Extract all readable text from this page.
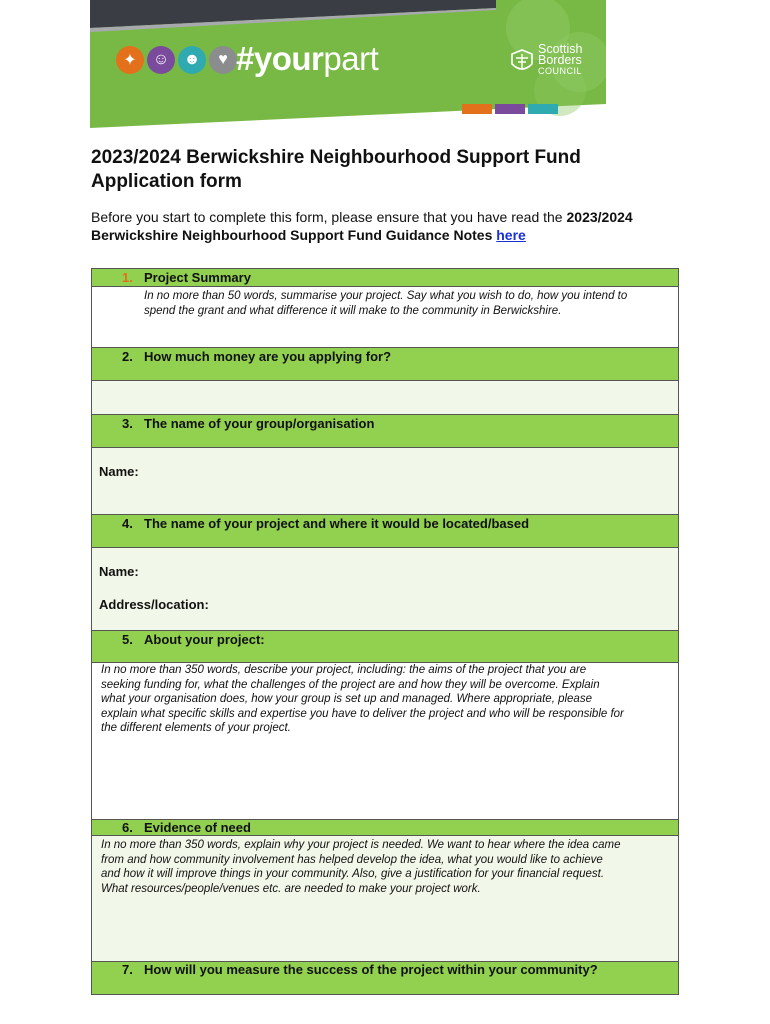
✦	☺ ☻	♥ #yourpart	Scottish
Borders
COUNCIL
2023/2024 Berwickshire Neighbourhood Support Fund
Application form
Before you start to complete this form, please ensure that you have read the 2023/2024 Berwickshire Neighbourhood Support Fund Guidance Notes here
1. Project Summary
In no more than 50 words, summarise your project. Say what you wish to do, how you intend to
spend the grant and what difference it will make to the community in Berwickshire.
2. How much money are you applying for?
3. The name of your group/organisation
Name:
4. The name of your project and where it would be located/based
Name:
Address/location:
5. About your project:
In no more than 350 words, describe your project, including: the aims of the project that you are
seeking funding for, what the challenges of the project are and how they will be overcome. Explain
what your organisation does, how your group is set up and managed. Where appropriate, please
explain what specific skills and expertise you have to deliver the project and who will be responsible for
the different elements of your project.
6. Evidence of need
In no more than 350 words, explain why your project is needed. We want to hear where the idea came
from and how community involvement has helped develop the idea, what you would like to achieve
and how it will improve things in your community. Also, give a justification for your financial request.
What resources/people/venues etc. are needed to make your project work.
7. How will you measure the success of the project within your community?
